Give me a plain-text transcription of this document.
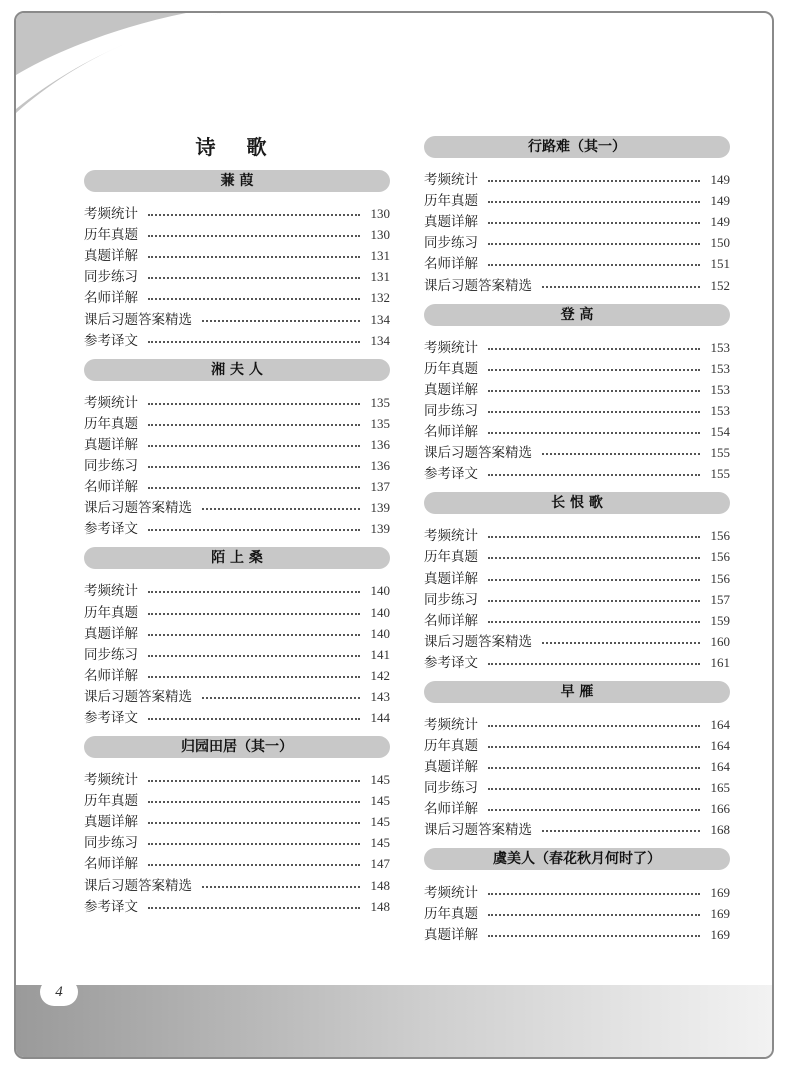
4
诗 歌
蒹 葭
考频统计	130
历年真题	130
真题详解	131
同步练习	131
名师详解	132
课后习题答案精选	134
参考译文	134
湘 夫 人
考频统计	135
历年真题	135
真题详解	136
同步练习	136
名师详解	137
课后习题答案精选	139
参考译文	139
陌 上 桑
考频统计	140
历年真题	140
真题详解	140
同步练习	141
名师详解	142
课后习题答案精选	143
参考译文	144
归园田居（其一）
考频统计	145
历年真题	145
真题详解	145
同步练习	145
名师详解	147
课后习题答案精选	148
参考译文	148
行路难（其一）
考频统计	149
历年真题	149
真题详解	149
同步练习	150
名师详解	151
课后习题答案精选	152
登 高
考频统计	153
历年真题	153
真题详解	153
同步练习	153
名师详解	154
课后习题答案精选	155
参考译文	155
长 恨 歌
考频统计	156
历年真题	156
真题详解	156
同步练习	157
名师详解	159
课后习题答案精选	160
参考译文	161
早 雁
考频统计	164
历年真题	164
真题详解	164
同步练习	165
名师详解	166
课后习题答案精选	168
虞美人（春花秋月何时了）
考频统计	169
历年真题	169
真题详解	169
